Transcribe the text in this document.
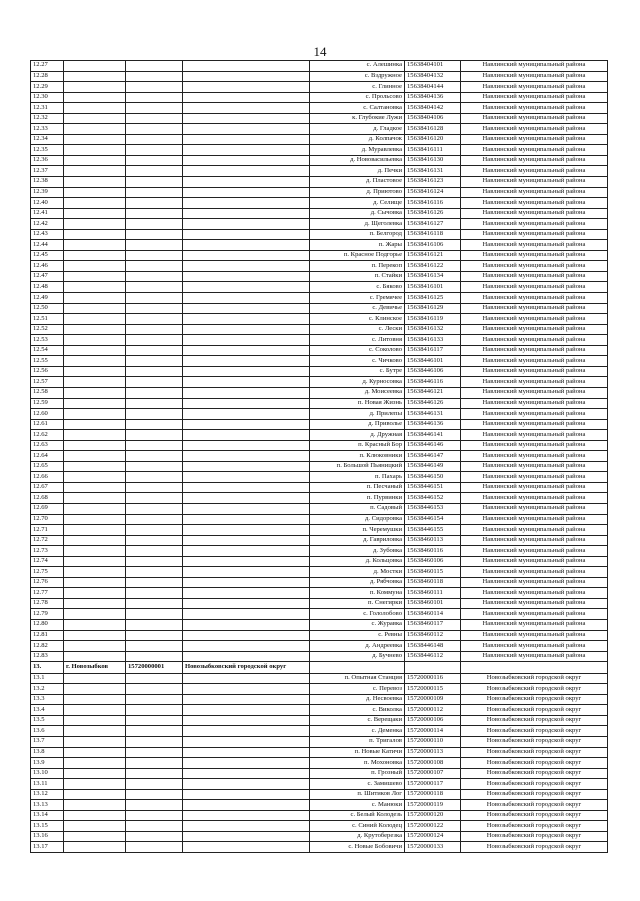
14
12.27				с. Алешинка	15638404101	Навлинский муниципальный района
12.28				с. Вздружное	15638404132	Навлинский муниципальный района
12.29				с. Глинное	15638404144	Навлинский муниципальный района
12.30				с. Прольсово	15638404136	Навлинский муниципальный района
12.31				с. Салтановка	15638404142	Навлинский муниципальный района
12.32				к. Глубокие Лужи	15638404106	Навлинский муниципальный района
12.33				д. Гладкое	15638416128	Навлинский муниципальный района
12.34				д. Колпачок	15638416120	Навлинский муниципальный района
12.35				д. Муравлевка	15638416111	Навлинский муниципальный района
12.36				д. Нововасильевка	15638416130	Навлинский муниципальный района
12.37				д. Печки	15638416131	Навлинский муниципальный района
12.38				д. Пластовое	15638416123	Навлинский муниципальный района
12.39				д. Приютово	15638416124	Навлинский муниципальный района
12.40				д. Селище	15638416116	Навлинский муниципальный района
12.41				д. Сычовка	15638416126	Навлинский муниципальный района
12.42				д. Щеголевка	15638416127	Навлинский муниципальный района
12.43				п. Белгород	15638416118	Навлинский муниципальный района
12.44				п. Жары	15638416106	Навлинский муниципальный района
12.45				п. Красное Подгорье	15638416121	Навлинский муниципальный района
12.46				п. Перекоп	15638416122	Навлинский муниципальный района
12.47				п. Стайки	15638416134	Навлинский муниципальный района
12.48				с. Бяково	15638416101	Навлинский муниципальный района
12.49				с. Гремячее	15638416125	Навлинский муниципальный района
12.50				с. Девичье	15638416129	Навлинский муниципальный района
12.51				с. Клинское	15638416119	Навлинский муниципальный района
12.52				с. Лески	15638416132	Навлинский муниципальный района
12.53				с. Литовня	15638416133	Навлинский муниципальный района
12.54				с. Соколово	15638416117	Навлинский муниципальный района
12.55				с. Чичково	15638446101	Навлинский муниципальный района
12.56				с. Бутре	15638446106	Навлинский муниципальный района
12.57				д. Курносовка	15638446116	Навлинский муниципальный района
12.58				д. Моисеевка	15638446121	Навлинский муниципальный района
12.59				п. Новая Жизнь	15638446126	Навлинский муниципальный района
12.60				д. Прилепы	15638446131	Навлинский муниципальный района
12.61				д. Приволье	15638446136	Навлинский муниципальный района
12.62				д. Дружная	15638446141	Навлинский муниципальный района
12.63				п. Красный Бор	15638446146	Навлинский муниципальный района
12.64				п. Клюковники	15638446147	Навлинский муниципальный района
12.65				п. Большой Пьяницкий	15638446149	Навлинский муниципальный района
12.66				п. Пахарь	15638446150	Навлинский муниципальный района
12.67				п. Песчаный	15638446151	Навлинский муниципальный района
12.68				п. Пурвинки	15638446152	Навлинский муниципальный района
12.69				п. Садовый	15638446153	Навлинский муниципальный района
12.70				д. Сидоровка	15638446154	Навлинский муниципальный района
12.71				п. Черемушки	15638446155	Навлинский муниципальный района
12.72				д. Гавриловка	15638460113	Навлинский муниципальный района
12.73				д. Зубовка	15638460116	Навлинский муниципальный района
12.74				д. Кольцовка	15638460106	Навлинский муниципальный района
12.75				д. Мостки	15638460115	Навлинский муниципальный района
12.76				д. Рябчовка	15638460118	Навлинский муниципальный района
12.77				п. Коммуна	15638460111	Навлинский муниципальный района
12.78				п. Снегирки	15638460101	Навлинский муниципальный района
12.79				с. Гололобово	15638460114	Навлинский муниципальный района
12.80				с. Журавка	15638460117	Навлинский муниципальный района
12.81				с. Ревны	15638460112	Навлинский муниципальный района
12.82				д. Андреевка	15638446148	Навлинский муниципальный района
12.83				д. Бучнево	15638446112	Навлинский муниципальный района
13.	г. Новозыбков	15720000001	Новозыбковский городской округ			
13.1				п. Опытная Станция	15720000116	Новозыбковский городской округ
13.2				с. Перевоз	15720000115	Новозыбковский городской округ
13.3				д. Несвоевка	15720000109	Новозыбковский городской округ
13.4				с. Виколка	15720000112	Новозыбковский городской округ
13.5				с. Верещаки	15720000106	Новозыбковский городской округ
13.6				с. Деменка	15720000114	Новозыбковский городской округ
13.7				п. Тригалов	15720000110	Новозыбковский городской округ
13.8				п. Новые Катичи	15720000113	Новозыбковский городской округ
13.9				п. Мохоновка	15720000108	Новозыбковский городской округ
13.10				п. Грозный	15720000107	Новозыбковский городской округ
13.11				с. Замишево	15720000117	Новозыбковский городской округ
13.12				п. Шитиков Лог	15720000118	Новозыбковский городской округ
13.13				с. Манюки	15720000119	Новозыбковский городской округ
13.14				с. Белый Колодезь	15720000120	Новозыбковский городской округ
13.15				с. Синий Колодец	15720000122	Новозыбковский городской округ
13.16				д. Крутоберезка	15720000124	Новозыбковский городской округ
13.17				с. Новые Бобовичи	15720000133	Новозыбковский городской округ
